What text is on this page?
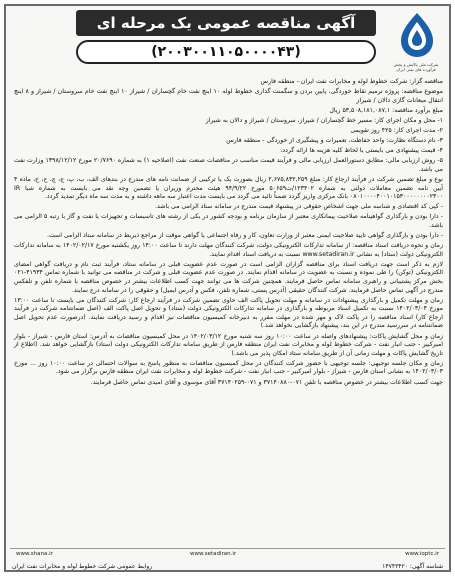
آگهی مناقصه عمومی یک مرحله ای
(۲۰۰۳۰۰۱۱۰۵۰۰۰۰۴۳)
شرکت ملی پالایش و پخش فرآورده های نفتی ایران

مناقصه گزار: شرکت خطوط لوله و مخابرات نفت ایران - منطقه فارس

موضوع مناقصه: پروژه ترمیم نقاط خوردگی، پایین بردن و سگمنت گذاری خطوط لوله ۱۰ اینچ نفت خام گچساران / شیراز ۱۰ اینچ نفت خام سروستان / شیراز و ۸ اینچ انتقال میعانات گازی دالان / شیراز

مبلغ برآورد مناقصه: ۵۳,۵۰۸,۱۸۱,۰۸۷,۱ ریال

۱- محل و مکان اجرای کار: مسیر خط گچساران / شیراز، سروستان / شیراز و دالان به شیراز

۲- مدت اجرای کار: ۴۲۵ روز تقویمی

۳- نام دستگاه نظارت: واحد حفاظت، تعمیرات و پیشگیری از خوردگی - منطقه فارس

۴- قیمت پیشنهادی می بایستی با لحاظ کلیه هزینه ها ارائه گردد.

۵- روش ارزیابی مالی: مطابق دستورالعمل ارزیابی مالی و فرآیند قیمت مناسب در مناقصات صنعت نفت (اصلاحیه ۱) به شماره ۲۰/۷۶۹۰ مورخ ۱۳۹۸/۱۲/۱۲ وزارت نفت می باشد.

نوع و مبلغ تضمین شرکت در فرآیند ارجاع کار: مبلغ ۲,۶۷۵,۸۳۲,۲۵۹ ریال بصورت یک یا ترکیبی از ضمانت نامه های مندرج در بندهای الف، ب، پ، ج، چ، ح، خ، ماده ۴ آیین نامه تضمین معاملات دولتی به شماره ۱۲۳۴۰۲/ت۵۰۶۵۹ مورخ ۹۴/۹/۲۲ هیئت محترم وزیران یا تضمین وجه نقد می بایست به شماره شبا IR ۰۸۰۱۰۰۰۰۴۰۰۱۰۱۵۳۰۰۰۰۰۰۰۰۲۳۰۰ بانک مرکزی واریز گردد ضمناً تائید می گردد می بایست مدت اعتبار سه ماهه داشته و به مدت سه ماه دیگر تمدید گردد.

- کپی کد اقتصادی و شناسه ملی جهت اشخاص حقوقی در پیشنهاد قیمت مندرج در سامانه ستاد الزامی می باشد.

- دارا بودن و بارگذاری گواهینامه صلاحیت پیمانکاری معتبر از سازمان برنامه و بودجه کشور در یکی از رشته های تاسیسات و تجهیزات یا نفت و گاز با رتبه ۵ الزامی می باشد.

- دارا بودن و بارگذاری گواهی تایید صلاحیت ایمنی معتبر از وزارت تعاون، کار و رفاه اجتماعی یا گواهی موقت از مراجع ذیربط در سامانه ستاد الزامی است.

زمان و نحوه دریافت اسناد مناقصه: از سامانه تدارکات الکترونیکی دولت، شرکت کنندگان مهلت دارند تا ساعت ۱۴:۰۰ روز یکشنبه مورخ ۱۴۰۲/۰۲/۱۷ به سامانه تدارکات الکترونیکی دولت (ستاد) به نشانی www.setadiran.ir نسبت به دریافت اسناد اقدام نمایند.

لازم به ذکر است جهت دریافت اسناد برای مناقصه گزاران الزامی است در صورت عدم عضویت قبلی در سامانه ستاد، فرآیند ثبت نام و دریافت گواهی امضای الکترونیکی (توکن) را طی نموده و نسبت به عضویت در سامانه اقدام نمایند. در صورت عدم عضویت قبلی و شرکت در مناقصه می توانید با شماره تماس ۴۱۹۳۴-۰۲۱ بخش مرکز پشتیبانی و راهبری سامانه تماس حاصل فرمایند. همچنین شرکت ها می توانند جهت کسب اطلاعات بیشتر در خصوص مناقصه با شماره تلفن و تلفکس مندرج در آگهی تماس حاصل فرمایند. شرکت کنندگان حقیقی (آدرس پستی، شماره تلفن، فکس و آدرس ایمیل) و حقوقی را در سامانه درج نمایند.

زمان و مهلت تکمیل و بارگذاری پیشنهادات در سامانه و مهلت تحویل پاکت الف حاوی تضمین شرکت در فرآیند ارجاع کار: شرکت کنندگان می بایست تا ساعت ۱۳:۰۰ مورخ ۱۴۰۲/۰۳/۰۴ نسبت به تکمیل اسناد مربوطه و بارگذاری در سامانه تدارکات الکترونیکی دولت (ستاد) و تحویل اصل پاکت الف (اصل ضمانتنامه شرکت در فرآیند ارجاع کار) اسناد مناقصه را در پاکت لاک و مهر شده در مهلت مقرر به دبیرخانه کمیسیون مناقصات نیز اقدام و رسید دریافت نمایند. (درصورت عدم تحویل اصل ضمانتنامه در سررسید مندرج در این بند، پیشنهاد بازگشایی نخواهد شد.)

زمان و محل گشایش پاکات: پیشنهادهای واصله در ساعت ۱۰:۰۰ روز سه شنبه مورخ ۱۴۰۲/۰۳/۱۲ در محل کمیسیون مناقصات به آدرس: استان فارس - شیراز - بلوار امیرکبیر - جنب انبار نفت - شرکت خطوط لوله و مخابرات نفت ایران منطقه فارس از طریق سامانه تدارکات الکترونیکی دولت (ستاد) بازگشایی خواهد شد. (اطلاع از تاریخ گشایش پاکات و مهلت زمانی آن از طریق سامانه ستاد امکان پذیر می باشد.)

زمان و مکان جلسه توجیهی: جلسه توجیهی با حضور شرکت کنندگان در محل کمیسیون مناقصات به منظور پاسخ به سوالات احتمالی در ساعت ۱۰:۰۰ روز ... مورخ ۱۴۰۲/۰۳/۰۳ به نشانی استان فارس - شیراز - بلوار امیرکبیر - جنب انبار نفت - شرکت خطوط لوله و مخابرات نفت ایران منطقه فارس برگزار می شود.

جهت کسب اطلاعات بیشتر در خصوص مناقصه با تلفن ۰۷۱-۳۷۱۴۰۸۸۰ و ۰۷۱-۳۷۱۴۰۲۵۹ آقای موسوی و آقای امیدی تماس حاصل فرمایند.

www.shana.ir	www.setadiran.ir	www.ioptc.ir
شناسه آگهی: ۱۴۷۴۳۴۲۰
روابط عمومی شرکت خطوط لوله و مخابرات نفت ایران
